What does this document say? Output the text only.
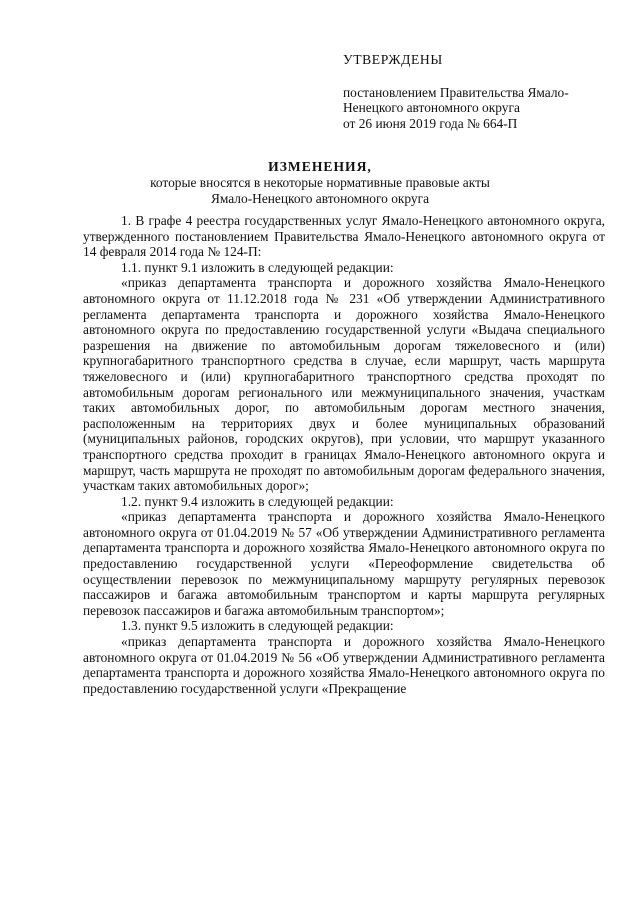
УТВЕРЖДЕНЫ
постановлением Правительства Ямало-
Ненецкого автономного округа
от 26 июня 2019 года № 664-П
ИЗМЕНЕНИЯ,
которые вносятся в некоторые нормативные правовые акты
Ямало-Ненецкого автономного округа

1. В графе 4 реестра государственных услуг Ямало-Ненецкого автономного округа, утвержденного постановлением Правительства Ямало-Ненецкого автономного округа от 14 февраля 2014 года № 124-П:

1.1. пункт 9.1 изложить в следующей редакции:

«приказ департамента транспорта и дорожного хозяйства Ямало-Ненецкого автономного округа от 11.12.2018 года № 231 «Об утверждении Административного регламента департамента транспорта и дорожного хозяйства Ямало-Ненецкого автономного округа по предоставлению государственной услуги «Выдача специального разрешения на движение по автомобильным дорогам тяжеловесного и (или) крупногабаритного транспортного средства в случае, если маршрут, часть маршрута тяжеловесного и (или) крупногабаритного транспортного средства проходят по автомобильным дорогам регионального или межмуниципального значения, участкам таких автомобильных дорог, по автомобильным дорогам местного значения, расположенным на территориях двух и более муниципальных образований (муниципальных районов, городских округов), при условии, что маршрут указанного транспортного средства проходит в границах Ямало-Ненецкого автономного округа и маршрут, часть маршрута не проходят по автомобильным дорогам федерального значения, участкам таких автомобильных дорог»;

1.2. пункт 9.4 изложить в следующей редакции:

«приказ департамента транспорта и дорожного хозяйства Ямало-Ненецкого автономного округа от 01.04.2019 № 57 «Об утверждении Административного регламента департамента транспорта и дорожного хозяйства Ямало-Ненецкого автономного округа по предоставлению государственной услуги «Переоформление свидетельства об осуществлении перевозок по межмуниципальному маршруту регулярных перевозок пассажиров и багажа автомобильным транспортом и карты маршрута регулярных перевозок пассажиров и багажа автомобильным транспортом»;

1.3. пункт 9.5 изложить в следующей редакции:

«приказ департамента транспорта и дорожного хозяйства Ямало-Ненецкого автономного округа от 01.04.2019 № 56 «Об утверждении Административного регламента департамента транспорта и дорожного хозяйства Ямало-Ненецкого автономного округа по предоставлению государственной услуги «Прекращение
